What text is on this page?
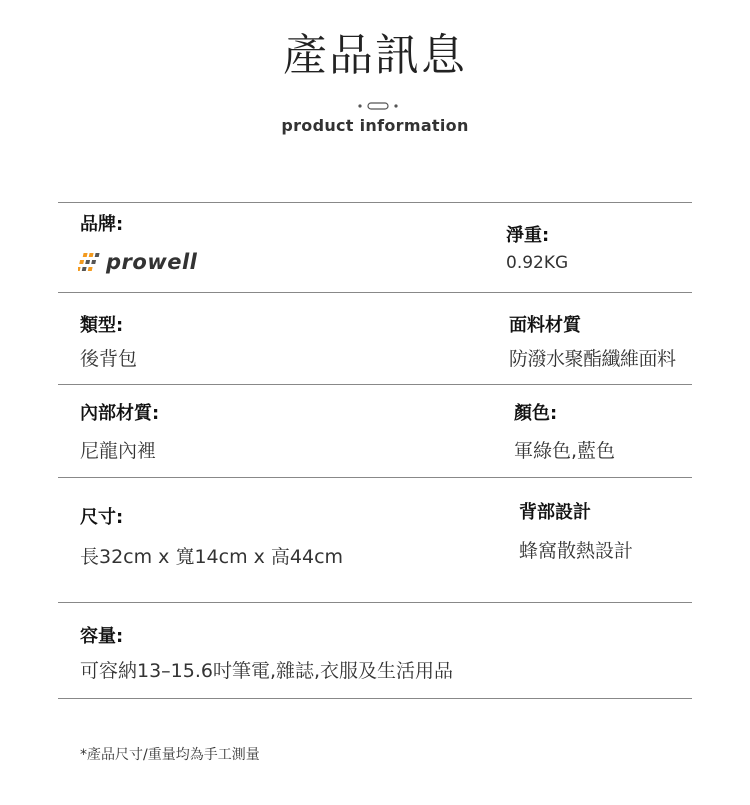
產品訊息
product information
品牌:
prowell
淨重:
0.92KG
類型:
後背包
面料材質
防潑水聚酯纖維面料
內部材質:
尼龍內裡
顏色:
軍綠色,藍色
尺寸:
長32cm x 寬14cm x 高44cm
背部設計
蜂窩散熱設計
容量:
可容納13–15.6吋筆電,雜誌,衣服及生活用品
*產品尺寸/重量均為手工測量
